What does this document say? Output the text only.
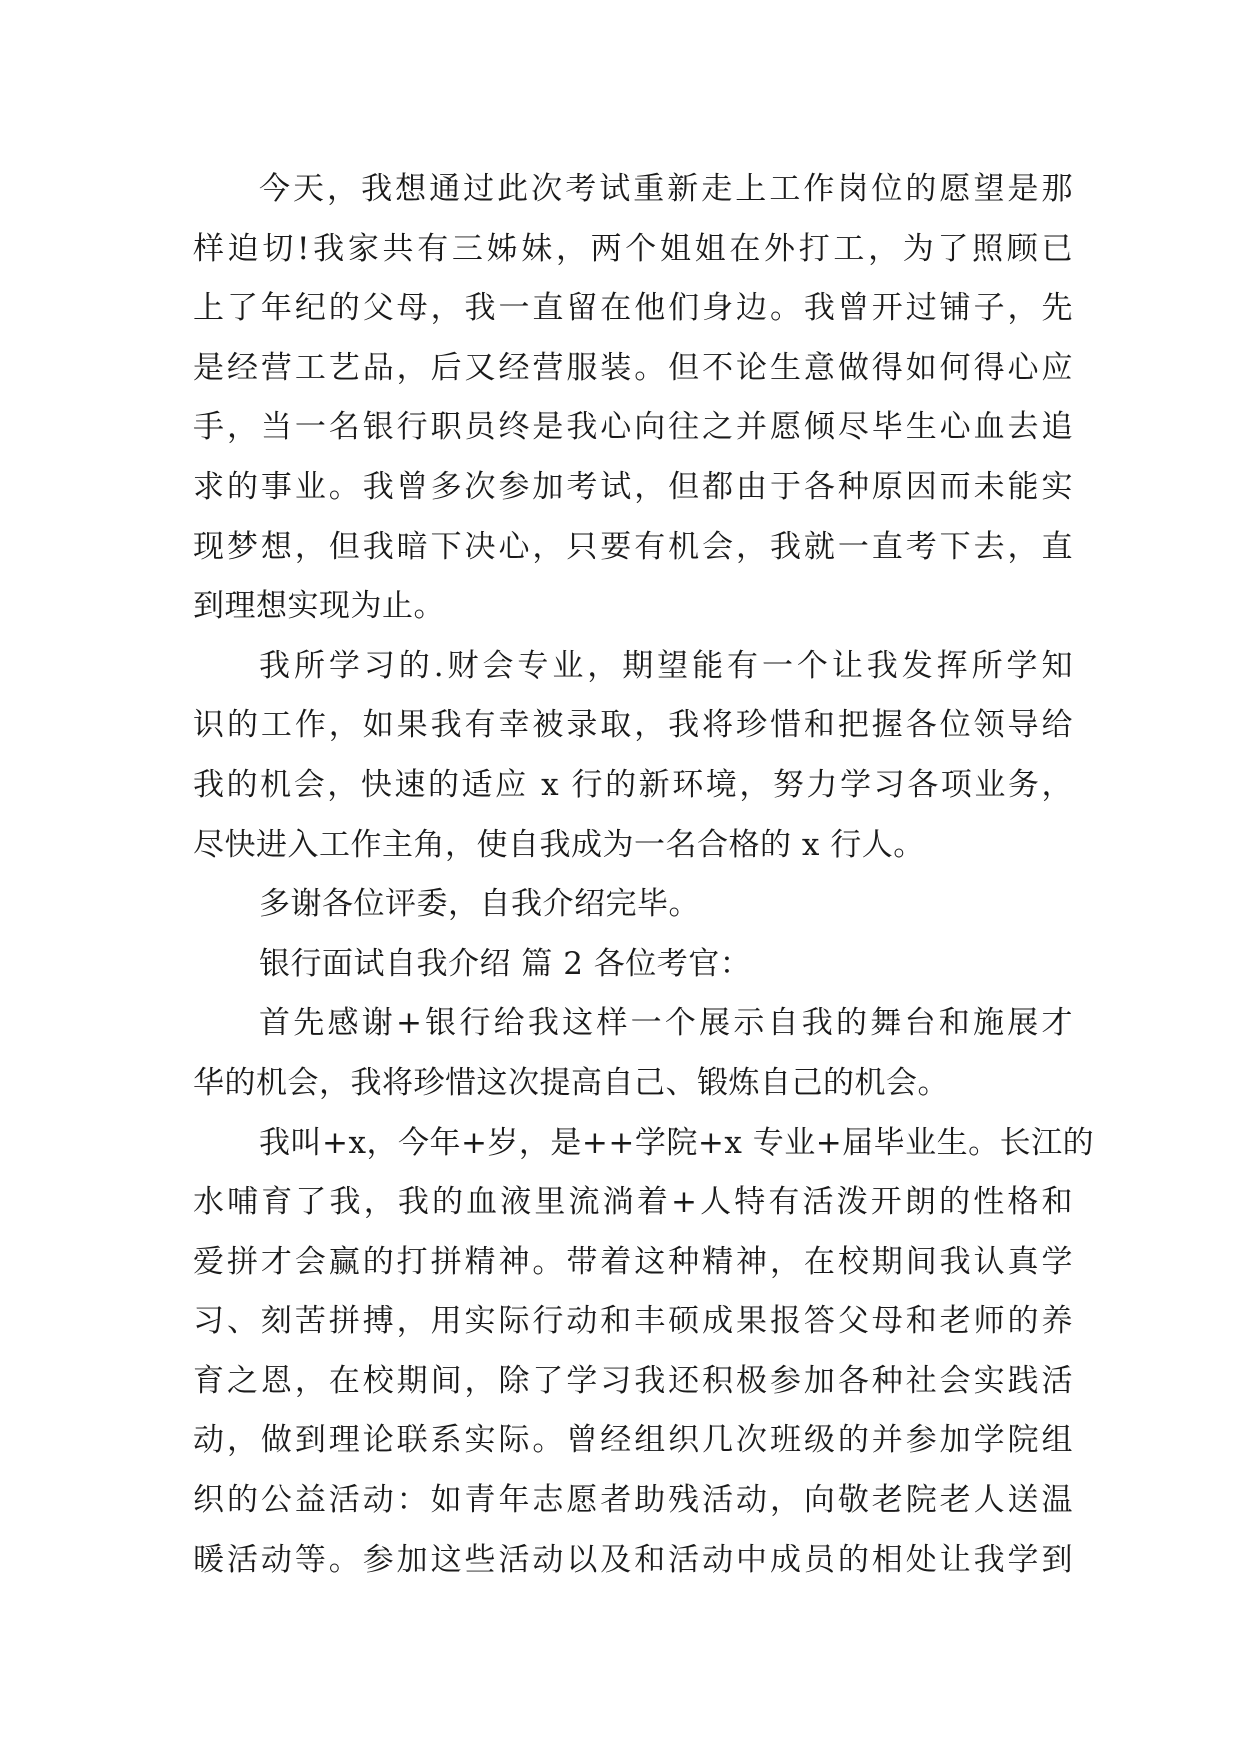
今天，我想通过此次考试重新走上工作岗位的愿望是那
样迫切!我家共有三姊妹，两个姐姐在外打工，为了照顾已
上了年纪的父母，我一直留在他们身边。我曾开过铺子，先
是经营工艺品，后又经营服装。但不论生意做得如何得心应
手，当一名银行职员终是我心向往之并愿倾尽毕生心血去追
求的事业。我曾多次参加考试，但都由于各种原因而未能实
现梦想，但我暗下决心，只要有机会，我就一直考下去，直
到理想实现为止。
我所学习的.财会专业，期望能有一个让我发挥所学知
识的工作，如果我有幸被录取，我将珍惜和把握各位领导给
我的机会，快速的适应 x 行的新环境，努力学习各项业务，
尽快进入工作主角，使自我成为一名合格的 x 行人。
多谢各位评委，自我介绍完毕。
银行面试自我介绍 篇 2 各位考官：
首先感谢+银行给我这样一个展示自我的舞台和施展才
华的机会，我将珍惜这次提高自己、锻炼自己的机会。
我叫+x，今年+岁，是++学院+x 专业+届毕业生。长江的
水哺育了我，我的血液里流淌着+人特有活泼开朗的性格和
爱拼才会赢的打拼精神。带着这种精神，在校期间我认真学
习、刻苦拼搏，用实际行动和丰硕成果报答父母和老师的养
育之恩，在校期间，除了学习我还积极参加各种社会实践活
动，做到理论联系实际。曾经组织几次班级的并参加学院组
织的公益活动：如青年志愿者助残活动，向敬老院老人送温
暖活动等。参加这些活动以及和活动中成员的相处让我学到
